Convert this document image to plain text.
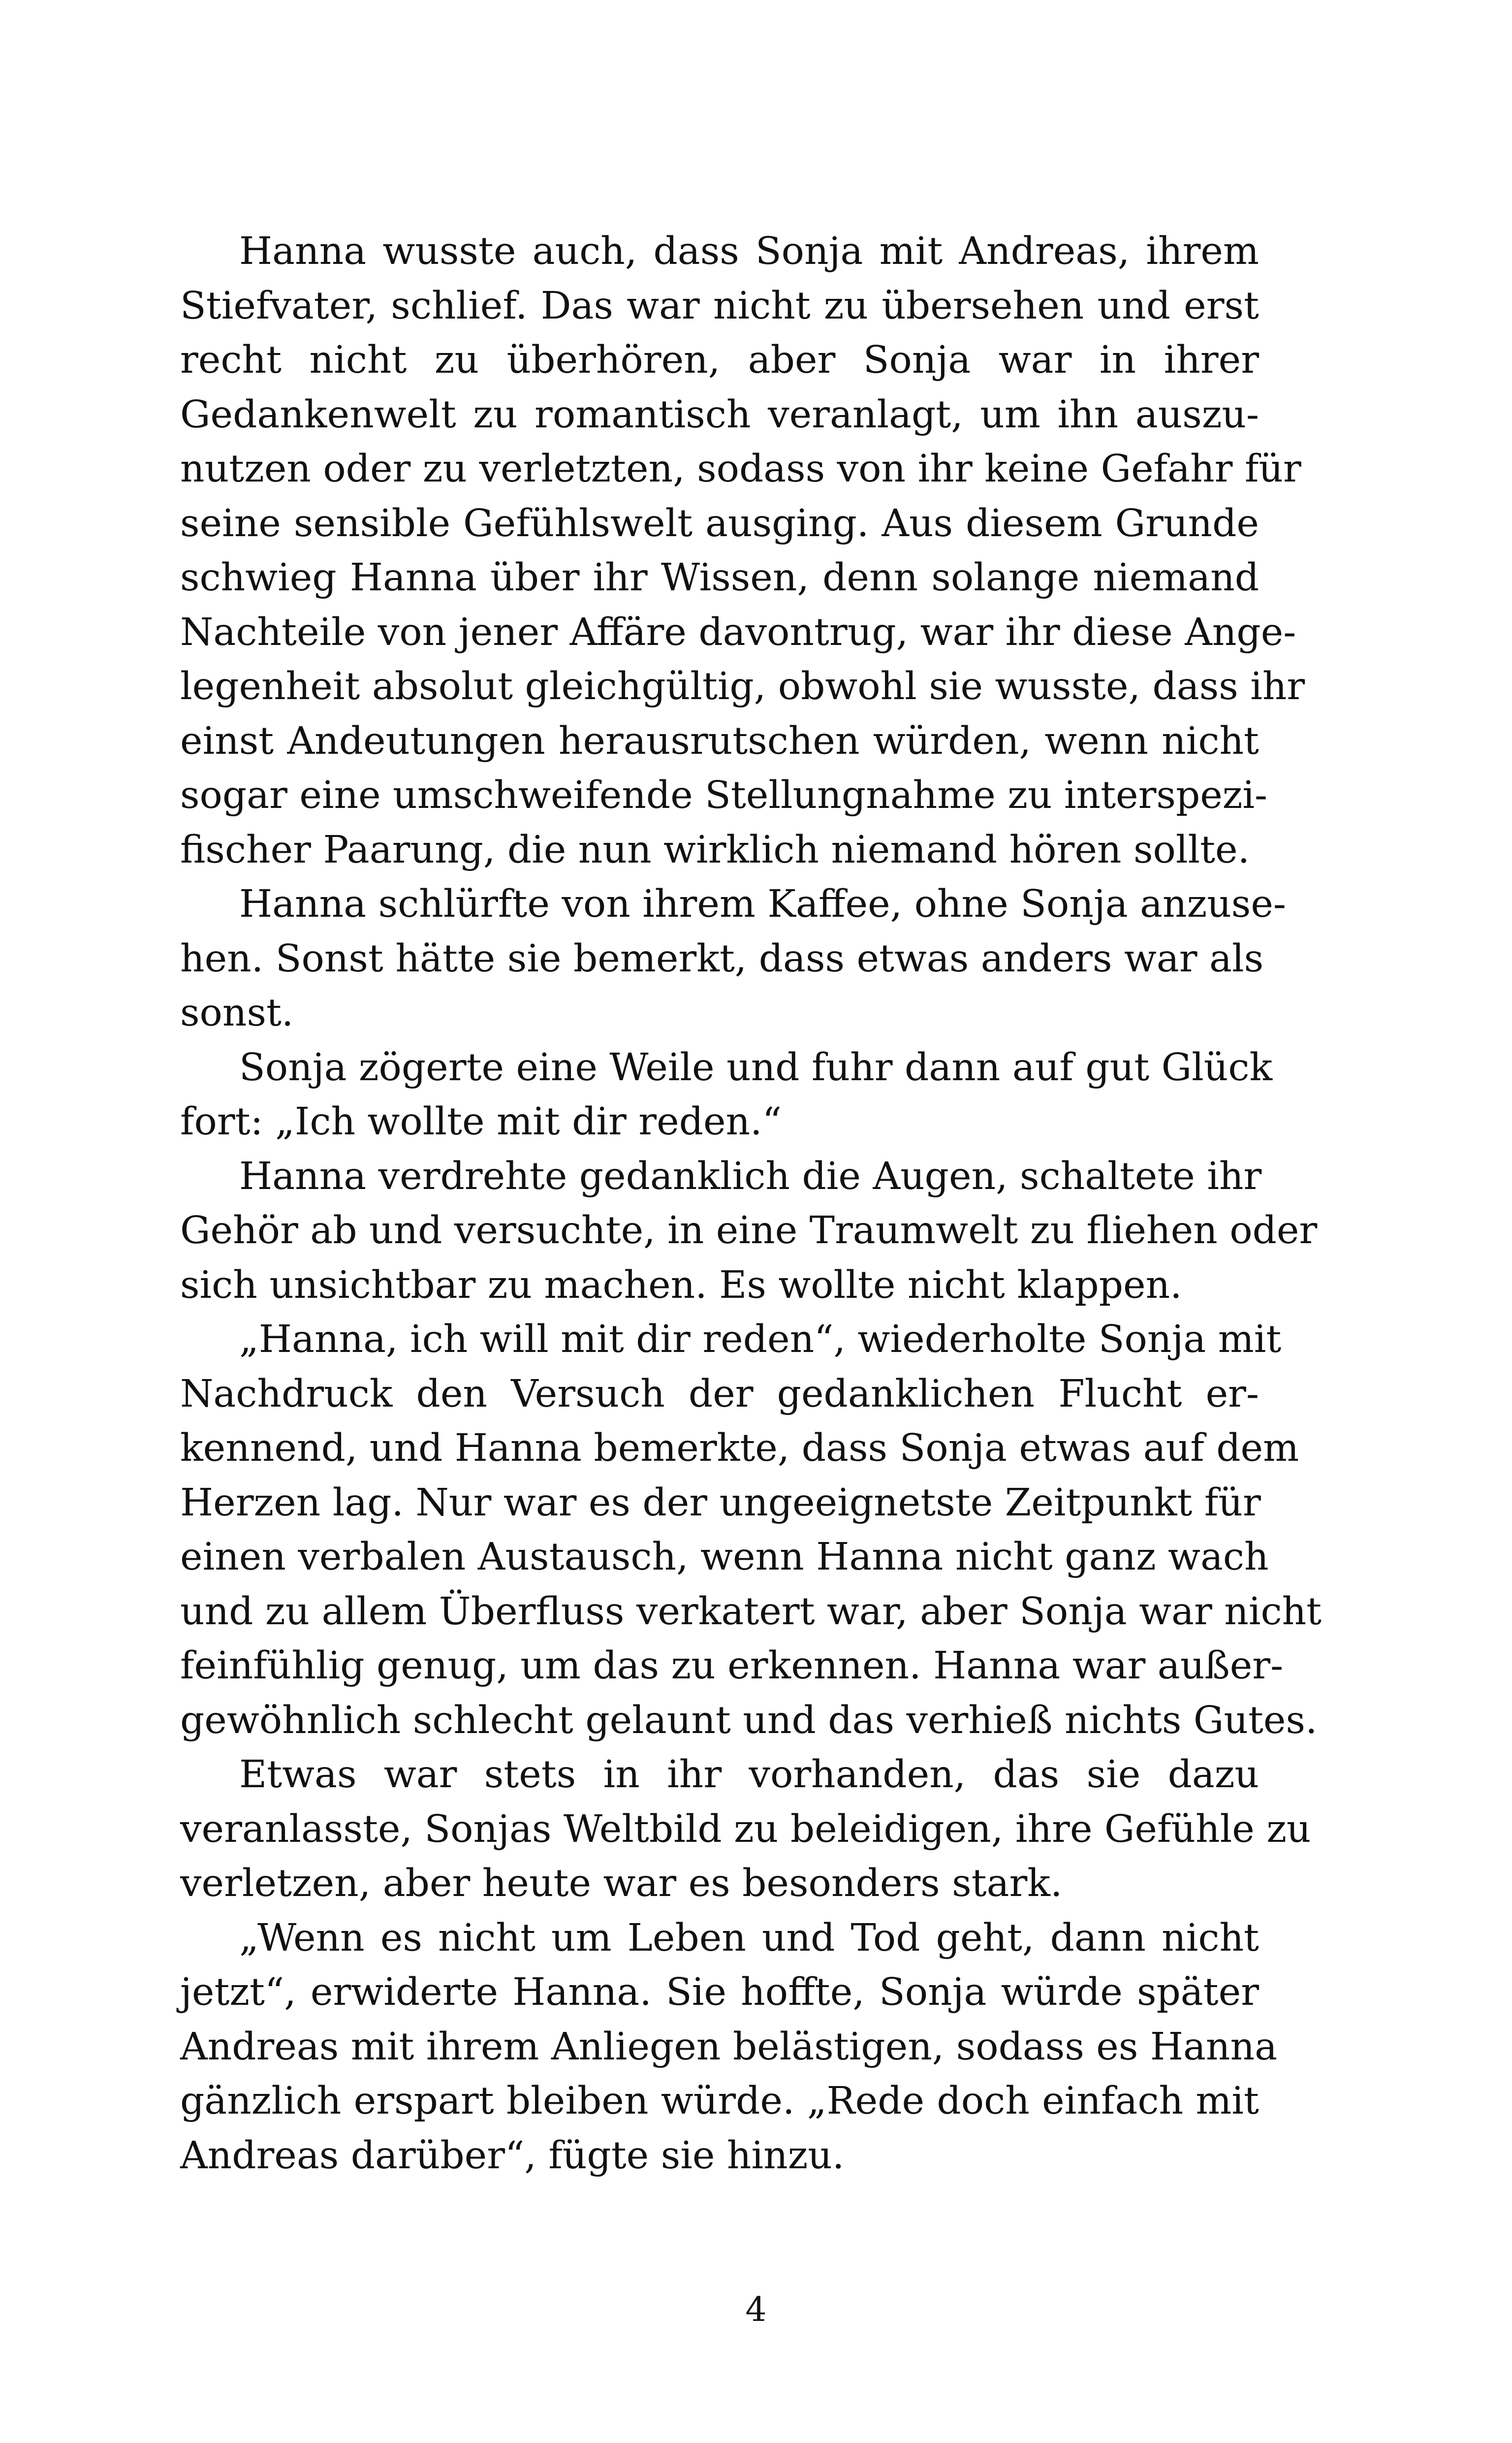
Hanna wusste auch, dass Sonja mit Andreas, ihrem
Stiefvater, schlief. Das war nicht zu übersehen und erst
recht nicht zu überhören, aber Sonja war in ihrer
Gedankenwelt zu romantisch veranlagt, um ihn auszu-
nutzen oder zu verletzten, sodass von ihr keine Gefahr für
seine sensible Gefühlswelt ausging. Aus diesem Grunde
schwieg Hanna über ihr Wissen, denn solange niemand
Nachteile von jener Affäre davontrug, war ihr diese Ange-
legenheit absolut gleichgültig, obwohl sie wusste, dass ihr
einst Andeutungen herausrutschen würden, wenn nicht
sogar eine umschweifende Stellungnahme zu interspezi-
fischer Paarung, die nun wirklich niemand hören sollte.
Hanna schlürfte von ihrem Kaffee, ohne Sonja anzuse-
hen. Sonst hätte sie bemerkt, dass etwas anders war als
sonst.
Sonja zögerte eine Weile und fuhr dann auf gut Glück
fort: „Ich wollte mit dir reden.“
Hanna verdrehte gedanklich die Augen, schaltete ihr
Gehör ab und versuchte, in eine Traumwelt zu fliehen oder
sich unsichtbar zu machen. Es wollte nicht klappen.
„Hanna, ich will mit dir reden“, wiederholte Sonja mit
Nachdruck den Versuch der gedanklichen Flucht er-
kennend, und Hanna bemerkte, dass Sonja etwas auf dem
Herzen lag. Nur war es der ungeeignetste Zeitpunkt für
einen verbalen Austausch, wenn Hanna nicht ganz wach
und zu allem Überfluss verkatert war, aber Sonja war nicht
feinfühlig genug, um das zu erkennen. Hanna war außer-
gewöhnlich schlecht gelaunt und das verhieß nichts Gutes.
Etwas war stets in ihr vorhanden, das sie dazu
veranlasste, Sonjas Weltbild zu beleidigen, ihre Gefühle zu
verletzen, aber heute war es besonders stark.
„Wenn es nicht um Leben und Tod geht, dann nicht
jetzt“, erwiderte Hanna. Sie hoffte, Sonja würde später
Andreas mit ihrem Anliegen belästigen, sodass es Hanna
gänzlich erspart bleiben würde. „Rede doch einfach mit
Andreas darüber“, fügte sie hinzu.
4
